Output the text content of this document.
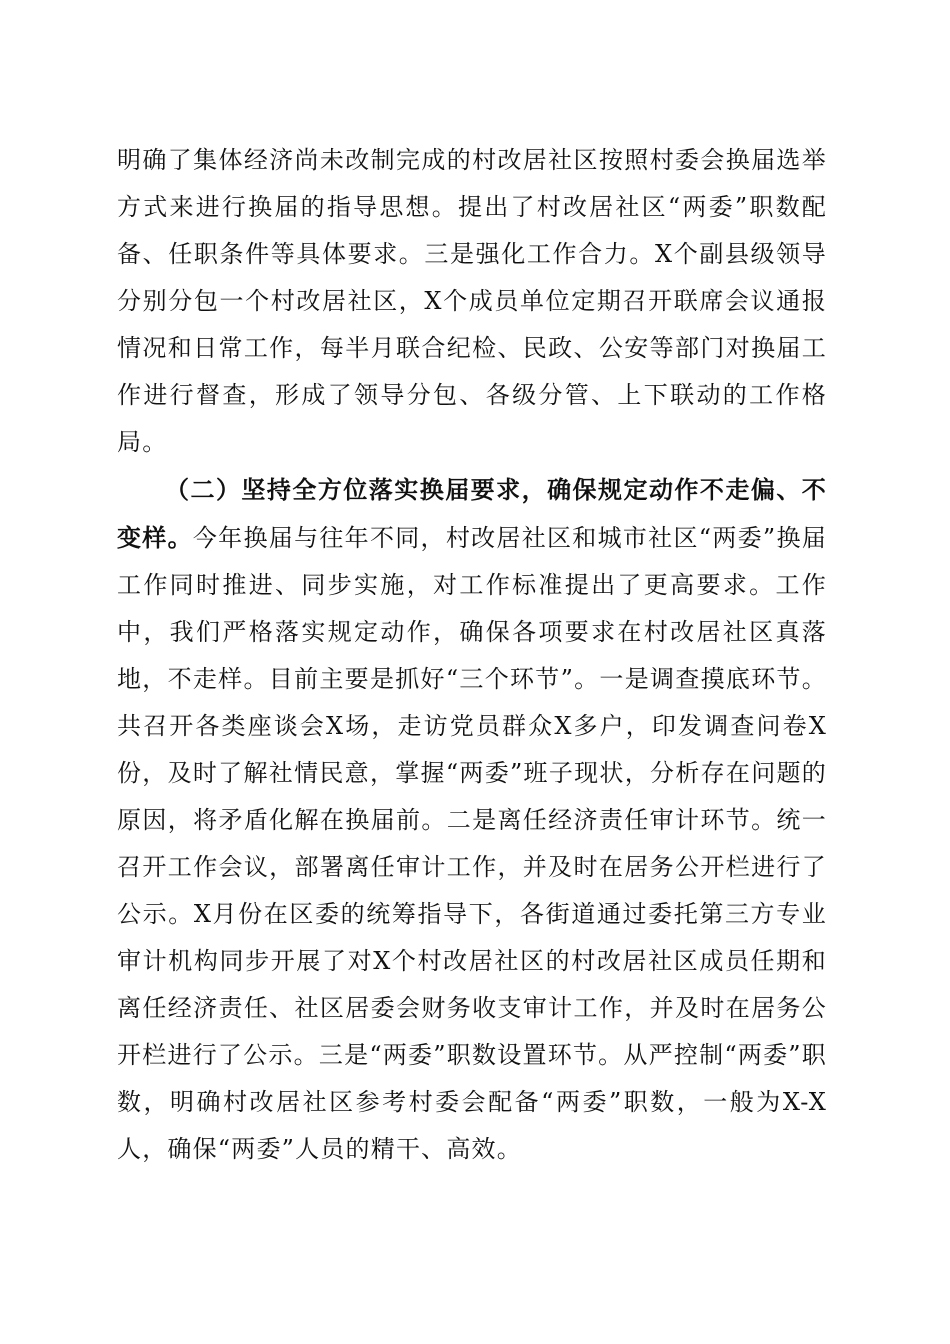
明确了集体经济尚未改制完成的村改居社区按照村委会换届选举方式来进行换届的指导思想。提出了村改居社区“两委”职数配备、任职条件等具体要求。三是强化工作合力。X个副县级领导分别分包一个村改居社区，X个成员单位定期召开联席会议通报情况和日常工作，每半月联合纪检、民政、公安等部门对换届工作进行督查，形成了领导分包、各级分管、上下联动的工作格局。

（二）坚持全方位落实换届要求，确保规定动作不走偏、不变样。今年换届与往年不同，村改居社区和城市社区“两委”换届工作同时推进、同步实施，对工作标准提出了更高要求。工作中，我们严格落实规定动作，确保各项要求在村改居社区真落地，不走样。目前主要是抓好“三个环节”。一是调查摸底环节。共召开各类座谈会X场，走访党员群众X多户，印发调查问卷X份，及时了解社情民意，掌握“两委”班子现状，分析存在问题的原因，将矛盾化解在换届前。二是离任经济责任审计环节。统一召开工作会议，部署离任审计工作，并及时在居务公开栏进行了公示。X月份在区委的统筹指导下，各街道通过委托第三方专业审计机构同步开展了对X个村改居社区的村改居社区成员任期和离任经济责任、社区居委会财务收支审计工作，并及时在居务公开栏进行了公示。三是“两委”职数设置环节。从严控制“两委”职数，明确村改居社区参考村委会配备“两委”职数，一般为X-X人，确保“两委”人员的精干、高效。
